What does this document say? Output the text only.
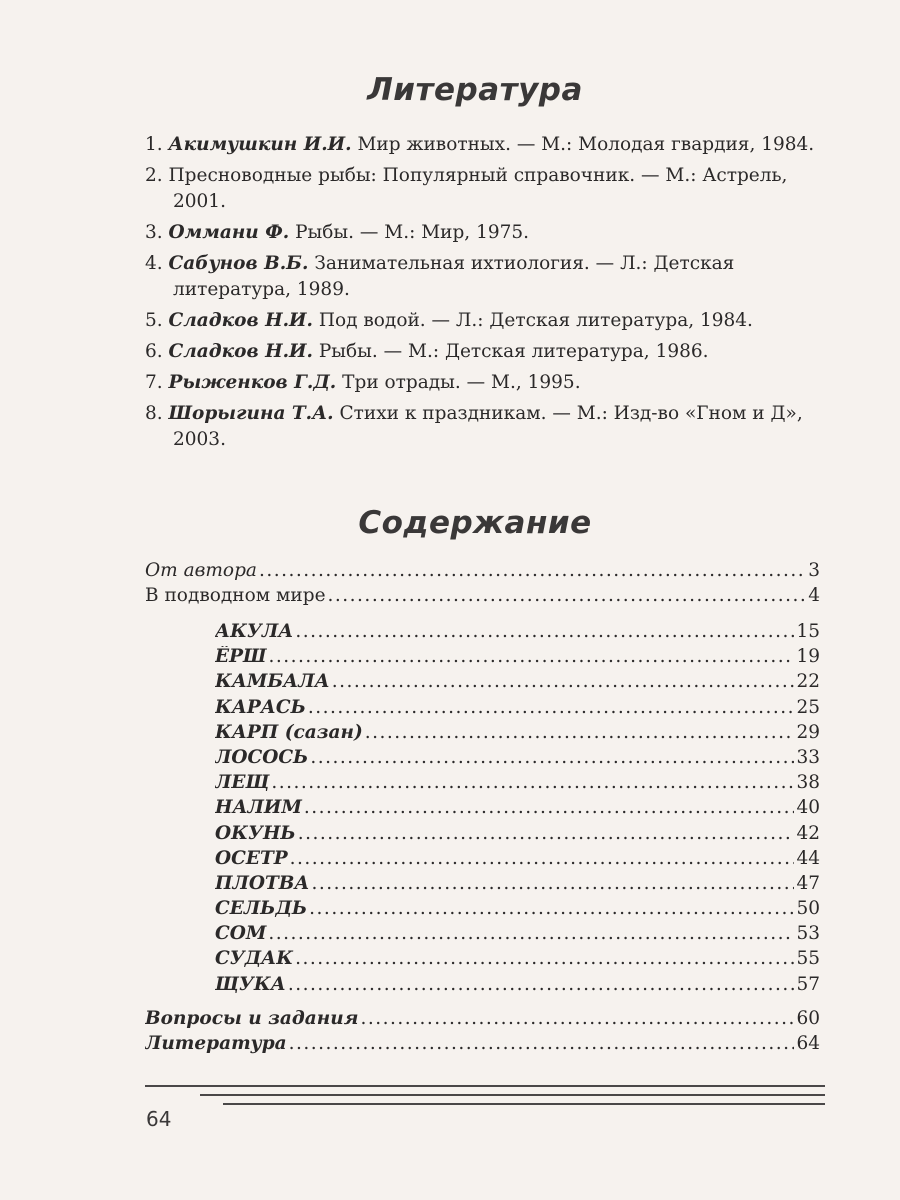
Литература
1. Акимушкин И.И. Мир животных. — М.: Молодая гвардия, 1984.
2. Пресноводные рыбы: Популярный справочник. — М.: Астрель, 2001.
3. Оммани Ф. Рыбы. — М.: Мир, 1975.
4. Сабунов В.Б. Занимательная ихтиология. — Л.: Детская литература, 1989.
5. Сладков Н.И. Под водой. — Л.: Детская литература, 1984.
6. Сладков Н.И. Рыбы. — М.: Детская литература, 1986.
7. Рыженков Г.Д. Три отрады. — М., 1995.
8. Шорыгина Т.А. Стихи к праздникам. — М.: Изд-во «Гном и Д», 2003.
Содержание
От автора .....	3
В подводном мире .....	4
АКУЛА .....	15
ЁРШ .....	19
КАМБАЛА .....	22
КАРАСЬ .....	25
КАРП (сазан) .....	29
ЛОСОСЬ .....	33
ЛЕЩ .....	38
НАЛИМ .....	40
ОКУНЬ .....	42
ОСЕТР .....	44
ПЛОТВА .....	47
СЕЛЬДЬ .....	50
СОМ .....	53
СУДАК .....	55
ЩУКА .....	57
Вопросы и задания .....	60
Литература .....	64
64
